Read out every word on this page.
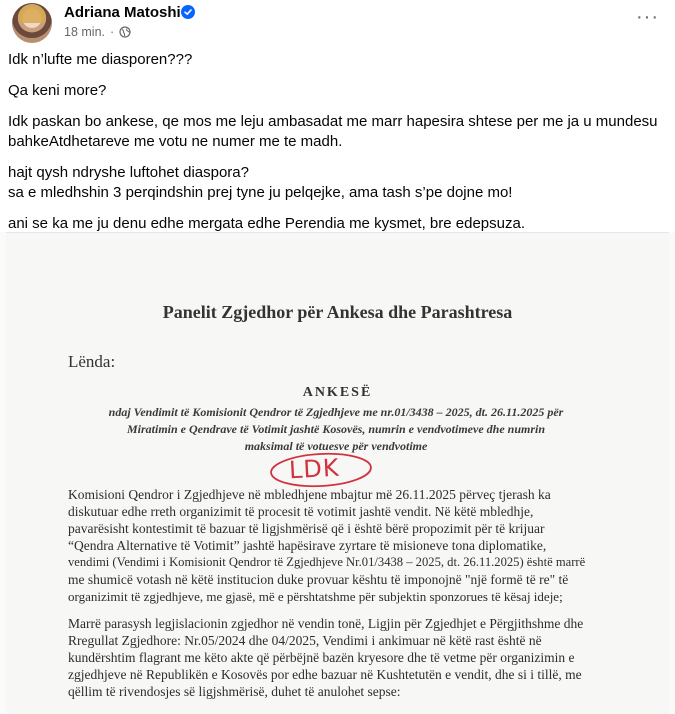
Adriana Matoshi
18 min. ·
···

Idk n’lufte me diasporen???

Qa keni more?

Idk paskan bo ankese, qe mos me leju ambasadat me marr hapesira shtese per me ja u mundesu bahkeAtdhetareve me votu ne numer me te madh.

hajt qysh ndryshe luftohet diaspora?

sa e mledhshin 3 perqindshin prej tyne ju pelqejke, ama tash s’pe dojne mo!

ani se ka me ju denu edhe mergata edhe Perendia me kysmet, bre edepsuza.

Panelit Zgjedhor për Ankesa dhe Parashtresa
Lënda:
ANKESË
ndaj Vendimit të Komisionit Qendror të Zgjedhjeve me nr.01/3438 – 2025, dt. 26.11.2025 për
Miratimin e Qendrave të Votimit jashtë Kosovës, numrin e vendvotimeve dhe numrin
maksimal të votuesve për vendvotime
LDK
Komisioni Qendror i Zgjedhjeve në mbledhjene mbajtur më 26.11.2025 përveç tjerash ka
diskutuar edhe rreth organizimit të procesit të votimit jashtë vendit. Në këtë mbledhje,
pavarësisht kontestimit të bazuar të ligjshmërisë që i është bërë propozimit për të krijuar
“Qendra Alternative të Votimit” jashtë hapësirave zyrtare të misioneve tona diplomatike,
vendimi (Vendimi i Komisionit Qendror të Zgjedhjeve Nr.01/3438 – 2025, dt. 26.11.2025) është marrë
me shumicë votash në këtë institucion duke provuar kështu të imponojnë "një formë të re" të
organizimit të zgjedhjeve, me gjasë, më e përshtatshme për subjektin sponzorues të kësaj ideje;
Marrë parasysh legjislacionin zgjedhor në vendin tonë, Ligjin për Zgjedhjet e Përgjithshme dhe
Rregullat Zgjedhore: Nr.05/2024 dhe 04/2025, Vendimi i ankimuar në këtë rast është në
kundërshtim flagrant me këto akte që përbëjnë bazën kryesore dhe të vetme për organizimin e
zgjedhjeve në Republikën e Kosovës por edhe bazuar në Kushtetutën e vendit, dhe si i tillë, me
qëllim të rivendosjes së ligjshmërisë, duhet të anulohet sepse:
